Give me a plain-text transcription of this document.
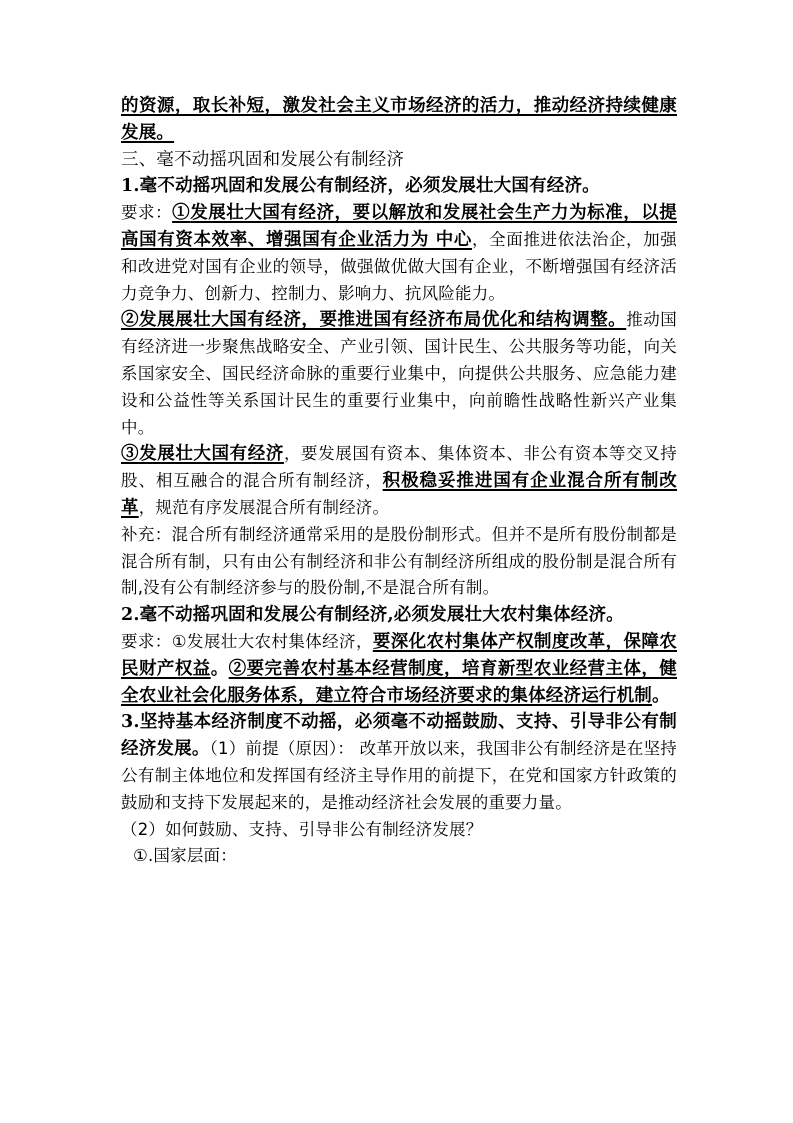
的资源，取长补短，激发社会主义市场经济的活力，推动经济持续健康发展。

三、毫不动摇巩固和发展公有制经济

1.毫不动摇巩固和发展公有制经济，必须发展壮大国有经济。

要求：①发展壮大国有经济，要以解放和发展社会生产力为标准，以提高国有资本效率、增强国有企业活力为 中心，全面推进依法治企，加强和改进党对国有企业的领导，做强做优做大国有企业，不断增强国有经济活力竞争力、创新力、控制力、影响力、抗风险能力。

②发展展壮大国有经济，要推进国有经济布局优化和结构调整。推动国有经济进一步聚焦战略安全、产业引领、国计民生、公共服务等功能，向关系国家安全、国民经济命脉的重要行业集中，向提供公共服务、应急能力建设和公益性等关系国计民生的重要行业集中，向前瞻性战略性新兴产业集中。

③发展壮大国有经济，要发展国有资本、集体资本、非公有资本等交叉持股、相互融合的混合所有制经济，积极稳妥推进国有企业混合所有制改革，规范有序发展混合所有制经济。

补充：混合所有制经济通常采用的是股份制形式。但并不是所有股份制都是混合所有制，只有由公有制经济和非公有制经济所组成的股份制是混合所有制,没有公有制经济参与的股份制,不是混合所有制。

2.毫不动摇巩固和发展公有制经济,必须发展壮大农村集体经济。

要求：①发展壮大农村集体经济，要深化农村集体产权制度改革，保障农民财产权益。②要完善农村基本经营制度，培育新型农业经营主体，健全农业社会化服务体系，建立符合市场经济要求的集体经济运行机制。

3.坚持基本经济制度不动摇，必须毫不动摇鼓励、支持、引导非公有制经济发展。（1）前提（原因）： 改革开放以来，我国非公有制经济是在坚持公有制主体地位和发挥国有经济主导作用的前提下，在党和国家方针政策的鼓励和支持下发展起来的，是推动经济社会发展的重要力量。

（2）如何鼓励、支持、引导非公有制经济发展？

①.国家层面：
